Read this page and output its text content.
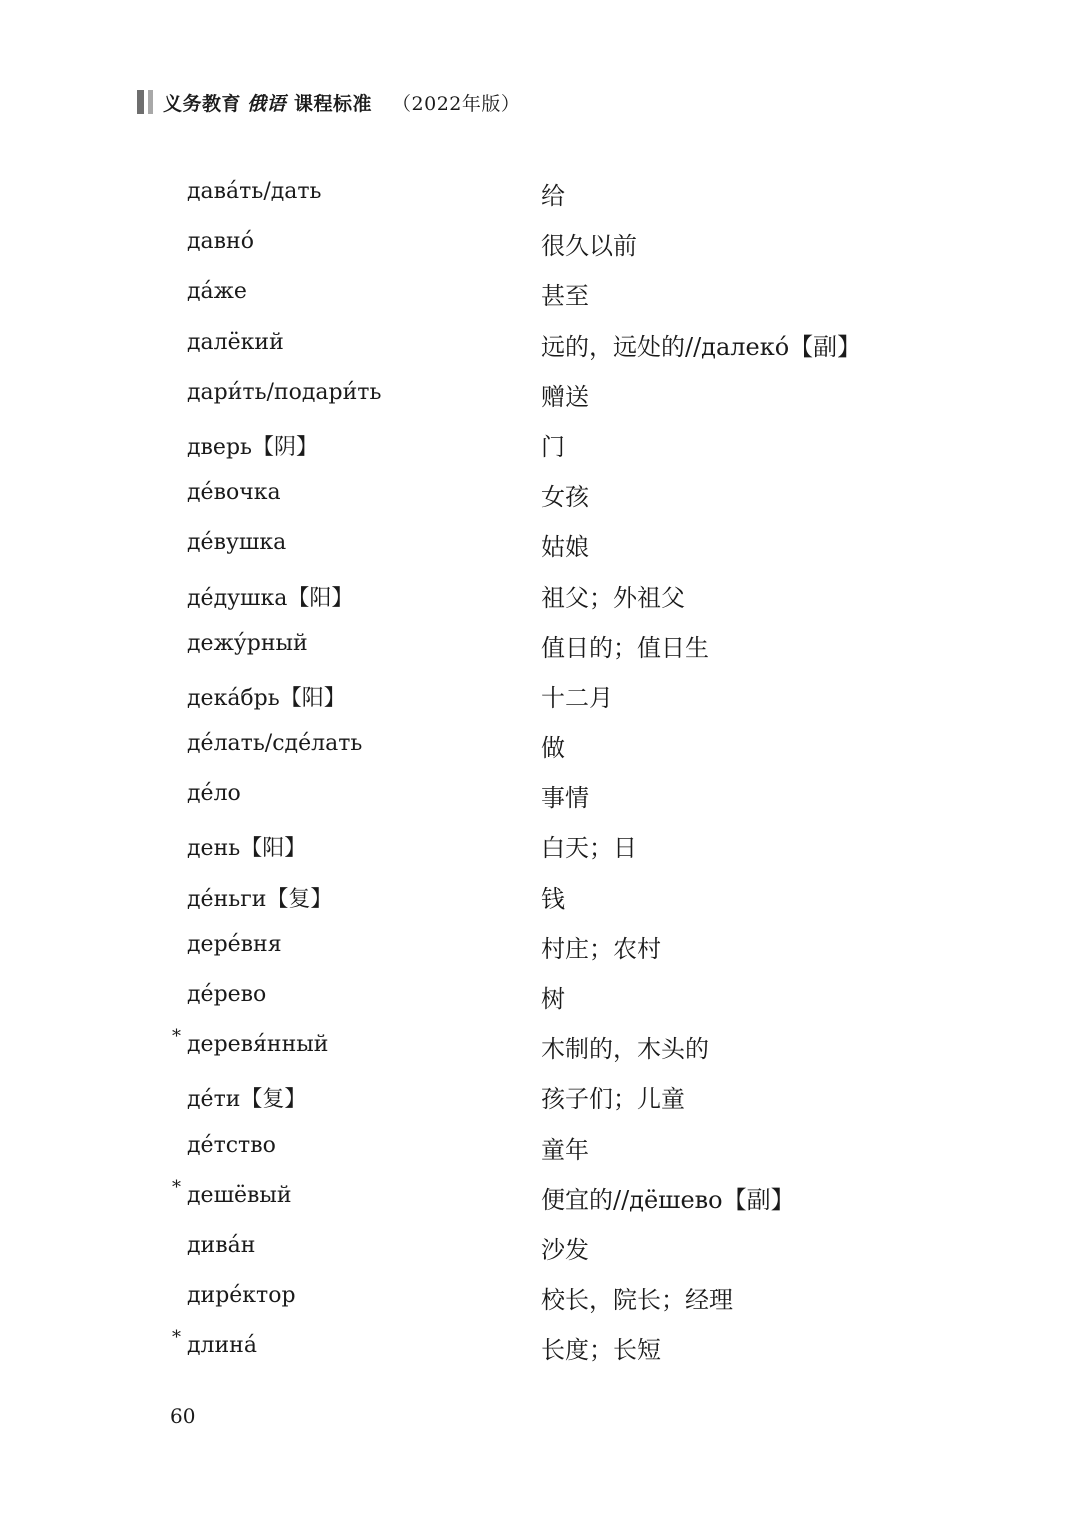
义务教育 俄语 课程标准 （2022年版）
дава́ть/дать	给
давно́	很久以前
да́же	甚至
далёкий	远的，远处的//далеко́【副】
дари́ть/подари́ть	赠送
дверь【阴】	门
де́вочка	女孩
де́вушка	姑娘
де́душка【阳】	祖父；外祖父
дежу́рный	值日的；值日生
дека́брь【阳】	十二月
де́лать/сде́лать	做
де́ло	事情
день【阳】	白天；日
де́ньги【复】	钱
дере́вня	村庄；农村
де́рево	树
* деревя́нный	木制的，木头的
де́ти【复】	孩子们；儿童
де́тство	童年
* дешёвый	便宜的//дёшево【副】
дива́н	沙发
дире́ктор	校长，院长；经理
* длина́	长度；长短
60
